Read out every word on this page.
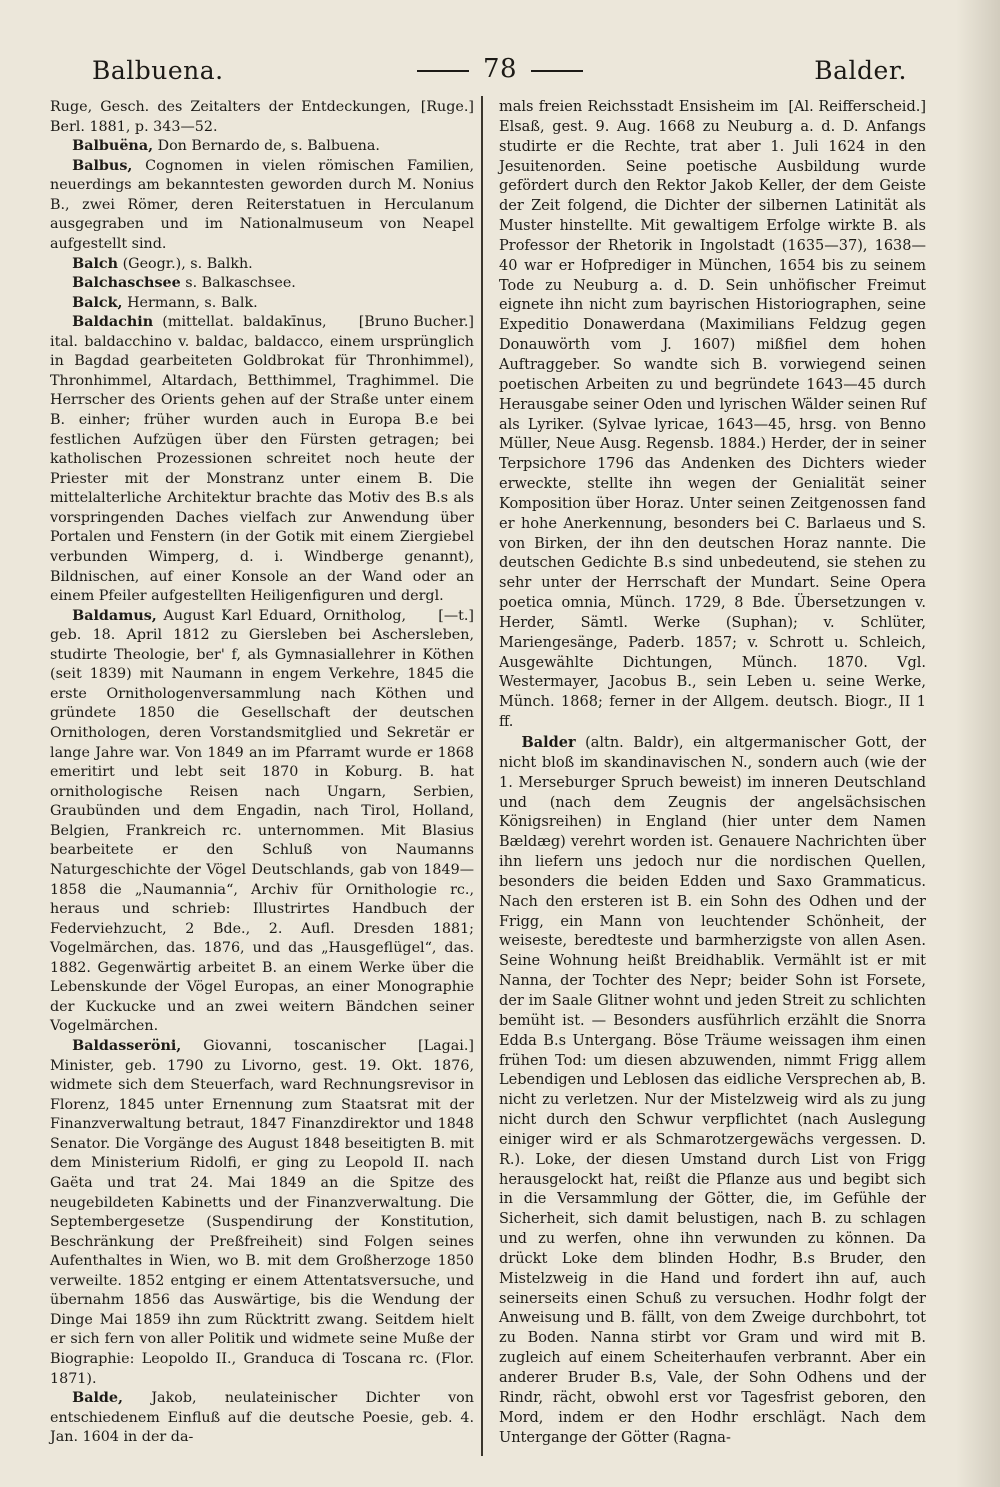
Balbuena.	78	Balder.

[Ruge.]
Ruge, Gesch. des Zeitalters der Entdeckungen, Berl. 1881, p. 343—52.

Balbuëna, Don Bernardo de, s. Balbuena.

Balbus, Cognomen in vielen römischen Familien, neuerdings am bekanntesten geworden durch M. Nonius B., zwei Römer, deren Reiterstatuen in Herculanum ausgegraben und im Nationalmuseum von Neapel aufgestellt sind.

Balch (Geogr.), s. Balkh.

Balchaschsee s. Balkaschsee.

Balck, Hermann, s. Balk.

[Bruno Bucher.]
Baldachin (mittellat. baldakīnus, ital. baldacchino v. baldac, baldacco, einem ursprünglich in Bagdad gearbeiteten Goldbrokat für Thronhimmel), Thronhimmel, Altardach, Betthimmel, Traghimmel. Die Herrscher des Orients gehen auf der Straße unter einem B. einher; früher wurden auch in Europa B.e bei festlichen Aufzügen über den Fürsten getragen; bei katholischen Prozessionen schreitet noch heute der Priester mit der Monstranz unter einem B. Die mittelalterliche Architektur brachte das Motiv des B.s als vorspringenden Daches vielfach zur Anwendung über Portalen und Fenstern (in der Gotik mit einem Ziergiebel verbunden Wimperg, d. i. Windberge genannt), Bildnischen, auf einer Konsole an der Wand oder an einem Pfeiler aufgestellten Heiligenfiguren und dergl.

[—t.]
Baldamus, August Karl Eduard, Ornitholog, geb. 18. April 1812 zu Giersleben bei Aschersleben, studirte Theologie, ber' f, als Gymnasiallehrer in Köthen (seit 1839) mit Naumann in engem Verkehre, 1845 die erste Ornithologenversammlung nach Köthen und gründete 1850 die Gesellschaft der deutschen Ornithologen, deren Vorstandsmitglied und Sekretär er lange Jahre war. Von 1849 an im Pfarramt wurde er 1868 emeritirt und lebt seit 1870 in Koburg. B. hat ornithologische Reisen nach Ungarn, Serbien, Graubünden und dem Engadin, nach Tirol, Holland, Belgien, Frankreich rc. unternommen. Mit Blasius bearbeitete er den Schluß von Naumanns Naturgeschichte der Vögel Deutschlands, gab von 1849—1858 die „Naumannia“, Archiv für Ornithologie rc., heraus und schrieb: Illustrirtes Handbuch der Federviehzucht, 2 Bde., 2. Aufl. Dresden 1881; Vogelmärchen, das. 1876, und das „Hausgeflügel“, das. 1882. Gegenwärtig arbeitet B. an einem Werke über die Lebenskunde der Vögel Europas, an einer Monographie der Kuckucke und an zwei weitern Bändchen seiner Vogelmärchen.

[Lagai.]
Baldasseröni, Giovanni, toscanischer Minister, geb. 1790 zu Livorno, gest. 19. Okt. 1876, widmete sich dem Steuerfach, ward Rechnungsrevisor in Florenz, 1845 unter Ernennung zum Staatsrat mit der Finanzverwaltung betraut, 1847 Finanzdirektor und 1848 Senator. Die Vorgänge des August 1848 beseitigten B. mit dem Ministerium Ridolfi, er ging zu Leopold II. nach Gaëta und trat 24. Mai 1849 an die Spitze des neugebildeten Kabinetts und der Finanzverwaltung. Die Septembergesetze (Suspendirung der Konstitution, Beschränkung der Preßfreiheit) sind Folgen seines Aufenthaltes in Wien, wo B. mit dem Großherzoge 1850 verweilte. 1852 entging er einem Attentatsversuche, und übernahm 1856 das Auswärtige, bis die Wendung der Dinge Mai 1859 ihn zum Rücktritt zwang. Seitdem hielt er sich fern von aller Politik und widmete seine Muße der Biographie: Leopoldo II., Granduca di Toscana rc. (Flor. 1871).

Balde, Jakob, neulateinischer Dichter von entschiedenem Einfluß auf die deutsche Poesie, geb. 4. Jan. 1604 in der da-

[Al. Reifferscheid.]
mals freien Reichsstadt Ensisheim im Elsaß, gest. 9. Aug. 1668 zu Neuburg a. d. D. Anfangs studirte er die Rechte, trat aber 1. Juli 1624 in den Jesuitenorden. Seine poetische Ausbildung wurde gefördert durch den Rektor Jakob Keller, der dem Geiste der Zeit folgend, die Dichter der silbernen Latinität als Muster hinstellte. Mit gewaltigem Erfolge wirkte B. als Professor der Rhetorik in Ingolstadt (1635—37), 1638—40 war er Hofprediger in München, 1654 bis zu seinem Tode zu Neuburg a. d. D. Sein unhöfischer Freimut eignete ihn nicht zum bayrischen Historiographen, seine Expeditio Donawerdana (Maximilians Feldzug gegen Donauwörth vom J. 1607) mißfiel dem hohen Auftraggeber. So wandte sich B. vorwiegend seinen poetischen Arbeiten zu und begründete 1643—45 durch Herausgabe seiner Oden und lyrischen Wälder seinen Ruf als Lyriker. (Sylvae lyricae, 1643—45, hrsg. von Benno Müller, Neue Ausg. Regensb. 1884.) Herder, der in seiner Terpsichore 1796 das Andenken des Dichters wieder erweckte, stellte ihn wegen der Genialität seiner Komposition über Horaz. Unter seinen Zeitgenossen fand er hohe Anerkennung, besonders bei C. Barlaeus und S. von Birken, der ihn den deutschen Horaz nannte. Die deutschen Gedichte B.s sind unbedeutend, sie stehen zu sehr unter der Herrschaft der Mundart. Seine Opera poetica omnia, Münch. 1729, 8 Bde. Übersetzungen v. Herder, Sämtl. Werke (Suphan); v. Schlüter, Mariengesänge, Paderb. 1857; v. Schrott u. Schleich, Ausgewählte Dichtungen, Münch. 1870. Vgl. Westermayer, Jacobus B., sein Leben u. seine Werke, Münch. 1868; ferner in der Allgem. deutsch. Biogr., II 1 ff.

Balder (altn. Baldr), ein altgermanischer Gott, der nicht bloß im skandinavischen N., sondern auch (wie der 1. Merseburger Spruch beweist) im inneren Deutschland und (nach dem Zeugnis der angelsächsischen Königsreihen) in England (hier unter dem Namen Bældæg) verehrt worden ist. Genauere Nachrichten über ihn liefern uns jedoch nur die nordischen Quellen, besonders die beiden Edden und Saxo Grammaticus. Nach den ersteren ist B. ein Sohn des Odhen und der Frigg, ein Mann von leuchtender Schönheit, der weiseste, beredteste und barmherzigste von allen Asen. Seine Wohnung heißt Breidhablik. Vermählt ist er mit Nanna, der Tochter des Nepr; beider Sohn ist Forsete, der im Saale Glitner wohnt und jeden Streit zu schlichten bemüht ist. — Besonders ausführlich erzählt die Snorra Edda B.s Untergang. Böse Träume weissagen ihm einen frühen Tod: um diesen abzuwenden, nimmt Frigg allem Lebendigen und Leblosen das eidliche Versprechen ab, B. nicht zu verletzen. Nur der Mistelzweig wird als zu jung nicht durch den Schwur verpflichtet (nach Auslegung einiger wird er als Schmarotzergewächs vergessen. D. R.). Loke, der diesen Umstand durch List von Frigg herausgelockt hat, reißt die Pflanze aus und begibt sich in die Versammlung der Götter, die, im Gefühle der Sicherheit, sich damit belustigen, nach B. zu schlagen und zu werfen, ohne ihn verwunden zu können. Da drückt Loke dem blinden Hodhr, B.s Bruder, den Mistelzweig in die Hand und fordert ihn auf, auch seinerseits einen Schuß zu versuchen. Hodhr folgt der Anweisung und B. fällt, von dem Zweige durchbohrt, tot zu Boden. Nanna stirbt vor Gram und wird mit B. zugleich auf einem Scheiterhaufen verbrannt. Aber ein anderer Bruder B.s, Vale, der Sohn Odhens und der Rindr, rächt, obwohl erst vor Tagesfrist geboren, den Mord, indem er den Hodhr erschlägt. Nach dem Untergange der Götter (Ragna-
